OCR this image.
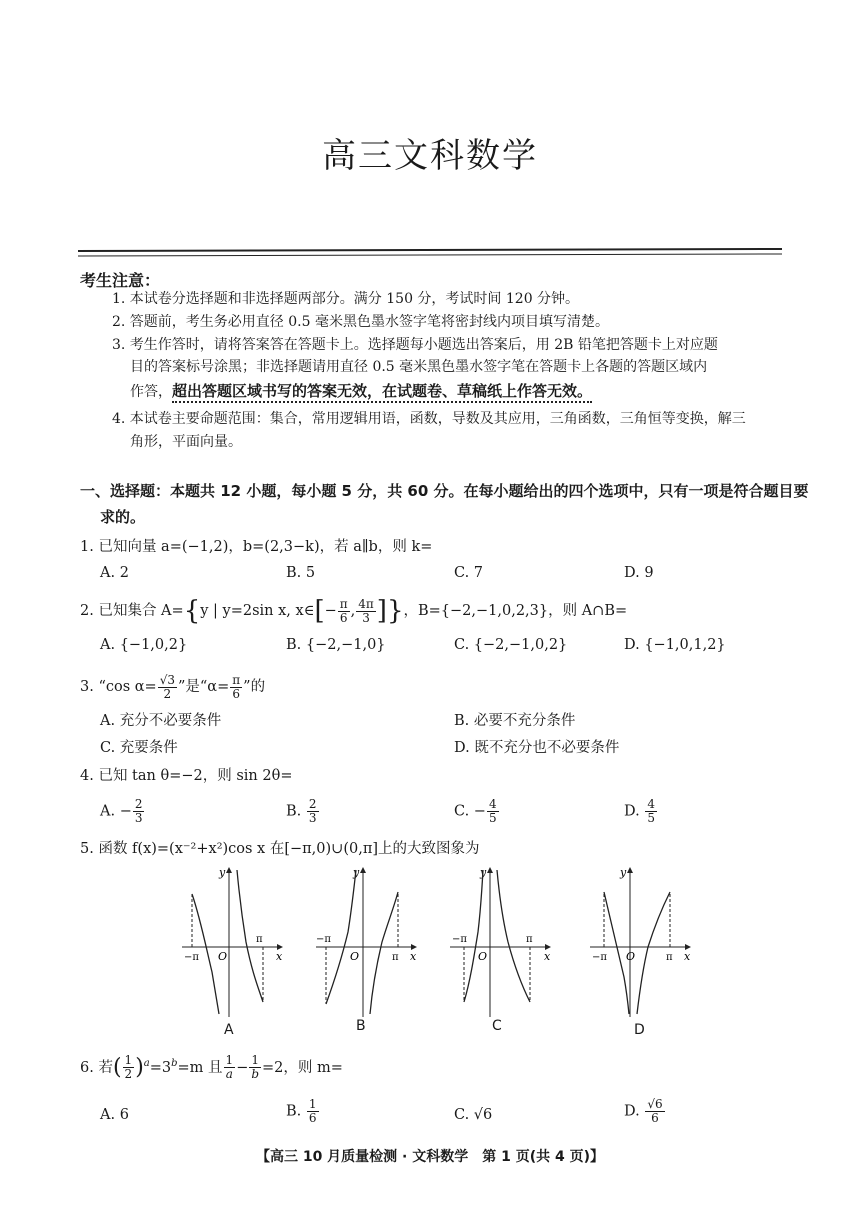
高三文科数学
考生注意：
1. 本试卷分选择题和非选择题两部分。满分 150 分，考试时间 120 分钟。
2. 答题前，考生务必用直径 0.5 毫米黑色墨水签字笔将密封线内项目填写清楚。
3. 考生作答时，请将答案答在答题卡上。选择题每小题选出答案后，用 2B 铅笔把答题卡上对应题
目的答案标号涂黑；非选择题请用直径 0.5 毫米黑色墨水签字笔在答题卡上各题的答题区域内
作答，超出答题区域书写的答案无效，在试题卷、草稿纸上作答无效。
4. 本试卷主要命题范围：集合，常用逻辑用语，函数，导数及其应用，三角函数，三角恒等变换，解三
角形，平面向量。
一、选择题：本题共 12 小题，每小题 5 分，共 60 分。在每小题给出的四个选项中，只有一项是符合题目要
求的。
1. 已知向量 a=(−1,2)，b=(2,3−k)，若 a∥b，则 k=
A. 2	B. 5	C. 7	D. 9
2. 已知集合 A={y | y=2sin x, x∈[− $\frac{\pi}{6}$ , $\frac{4\pi}{3}$ ]}，B={−2,−1,0,2,3}，则 A∩B=
A. {−1,0,2}	B. {−2,−1,0}	C. {−2,−1,0,2}	D. {−1,0,1,2}
3. “cos $\alpha= \frac{√3}{2}$ ”是“$\alpha= \frac{\pi}{6}$ ”的
A. 充分不必要条件	B. 必要不充分条件
C. 充要条件	D. 既不充分也不必要条件
4. 已知 tan θ=−2，则 sin 2θ=
A. − $\frac{2}{3}$	B. $\frac{2}{3}$	C. − $\frac{4}{5}$	D. $\frac{4}{5}$
5. 函数 f(x)=(x⁻²+x²)cos x 在[−π,0)∪(0,π]上的大致图象为
y
x
O
−π
π
A
y
x
O
−π
π
B
y
x
O
−π	π
C
y
x
O
−π	π
D
6. 若( $\frac{1}{2} )^a=3^b=m$ 且 $\frac{1}{a} - \frac{1}{b} =2$，则 m=
A. 6	B. $\frac{1}{6}$	C. √6	D. $\frac{√6}{6}$
【高三 10 月质量检测 · 文科数学　第 1 页(共 4 页)】
